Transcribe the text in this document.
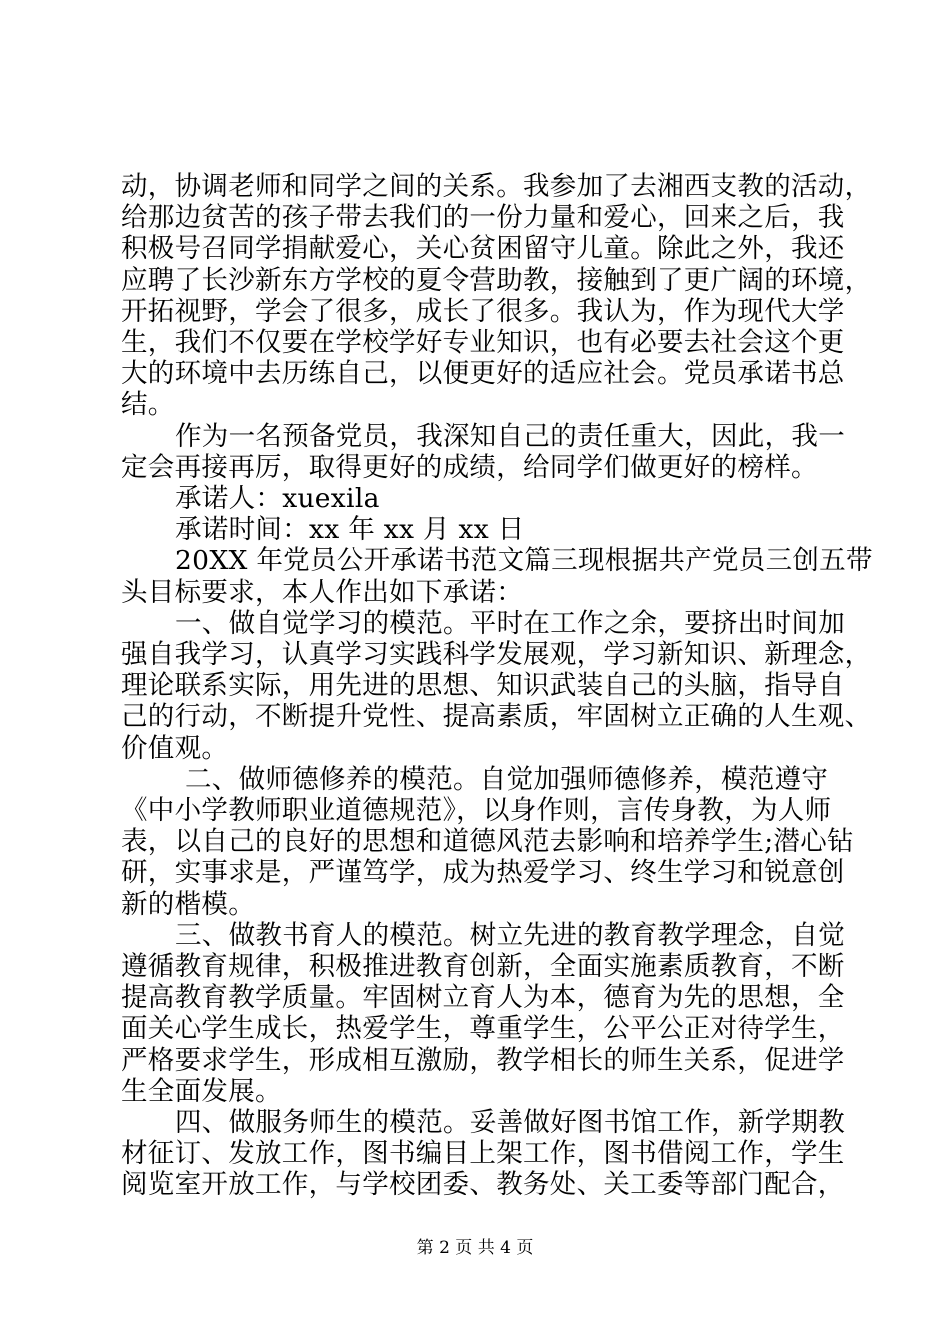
动，协调老师和同学之间的关系。我参加了去湘西支教的活动，
给那边贫苦的孩子带去我们的一份力量和爱心，回来之后，我
积极号召同学捐献爱心，关心贫困留守儿童。除此之外，我还
应聘了长沙新东方学校的夏令营助教，接触到了更广阔的环境，
开拓视野，学会了很多，成长了很多。我认为，作为现代大学
生，我们不仅要在学校学好专业知识，也有必要去社会这个更
大的环境中去历练自己，以便更好的适应社会。党员承诺书总
结。
作为一名预备党员，我深知自己的责任重大，因此，我一
定会再接再厉，取得更好的成绩，给同学们做更好的榜样。
承诺人：xuexila
承诺时间：xx 年 xx 月 xx 日
20XX 年党员公开承诺书范文篇三现根据共产党员三创五带
头目标要求，本人作出如下承诺：
一、做自觉学习的模范。平时在工作之余，要挤出时间加
强自我学习，认真学习实践科学发展观，学习新知识、新理念，
理论联系实际，用先进的思想、知识武装自己的头脑，指导自
己的行动，不断提升党性、提高素质，牢固树立正确的人生观、
价值观。
二、做师德修养的模范。自觉加强师德修养，模范遵守
《中小学教师职业道德规范》，以身作则，言传身教，为人师
表，以自己的良好的思想和道德风范去影响和培养学生;潜心钻
研，实事求是，严谨笃学，成为热爱学习、终生学习和锐意创
新的楷模。
三、做教书育人的模范。树立先进的教育教学理念，自觉
遵循教育规律，积极推进教育创新，全面实施素质教育，不断
提高教育教学质量。牢固树立育人为本，德育为先的思想，全
面关心学生成长，热爱学生，尊重学生，公平公正对待学生，
严格要求学生，形成相互激励，教学相长的师生关系，促进学
生全面发展。
四、做服务师生的模范。妥善做好图书馆工作，新学期教
材征订、发放工作，图书编目上架工作，图书借阅工作，学生
阅览室开放工作，与学校团委、教务处、关工委等部门配合，
第 2 页 共 4 页
